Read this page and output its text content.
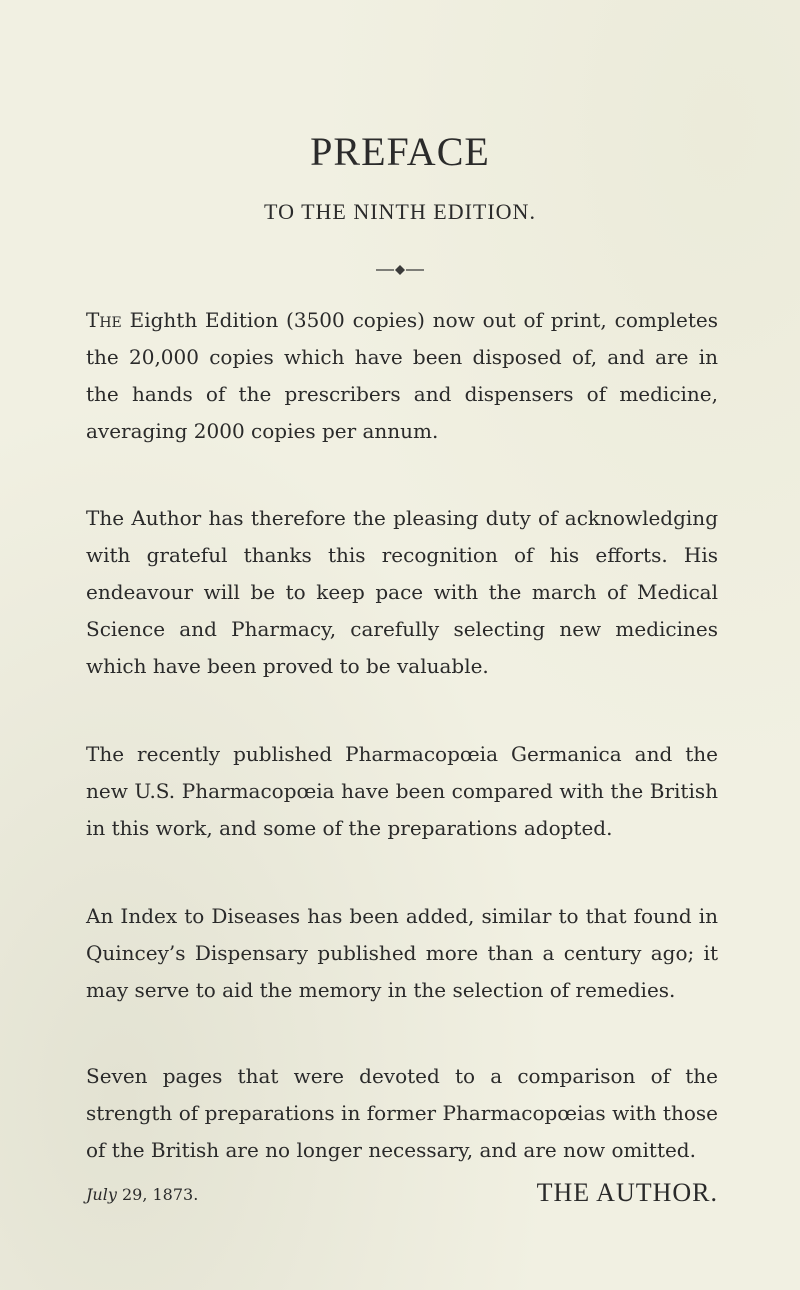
PREFACE
TO THE NINTH EDITION.

The Eighth Edition (3500 copies) now out of print, completes the 20,000 copies which have been disposed of, and are in the hands of the prescribers and dispensers of medicine, averaging 2000 copies per annum.

The Author has therefore the pleasing duty of acknowledging with grateful thanks this recognition of his efforts. His endeavour will be to keep pace with the march of Medical Science and Pharmacy, carefully selecting new medicines which have been proved to be valuable.

The recently published Pharmacopœia Germanica and the new U.S. Pharmacopœia have been compared with the British in this work, and some of the preparations adopted.

An Index to Diseases has been added, similar to that found in Quincey’s Dispensary published more than a century ago; it may serve to aid the memory in the selection of remedies.

Seven pages that were devoted to a comparison of the strength of preparations in former Pharmacopœias with those of the British are no longer necessary, and are now omitted.

July 29, 1873.	THE AUTHOR.
